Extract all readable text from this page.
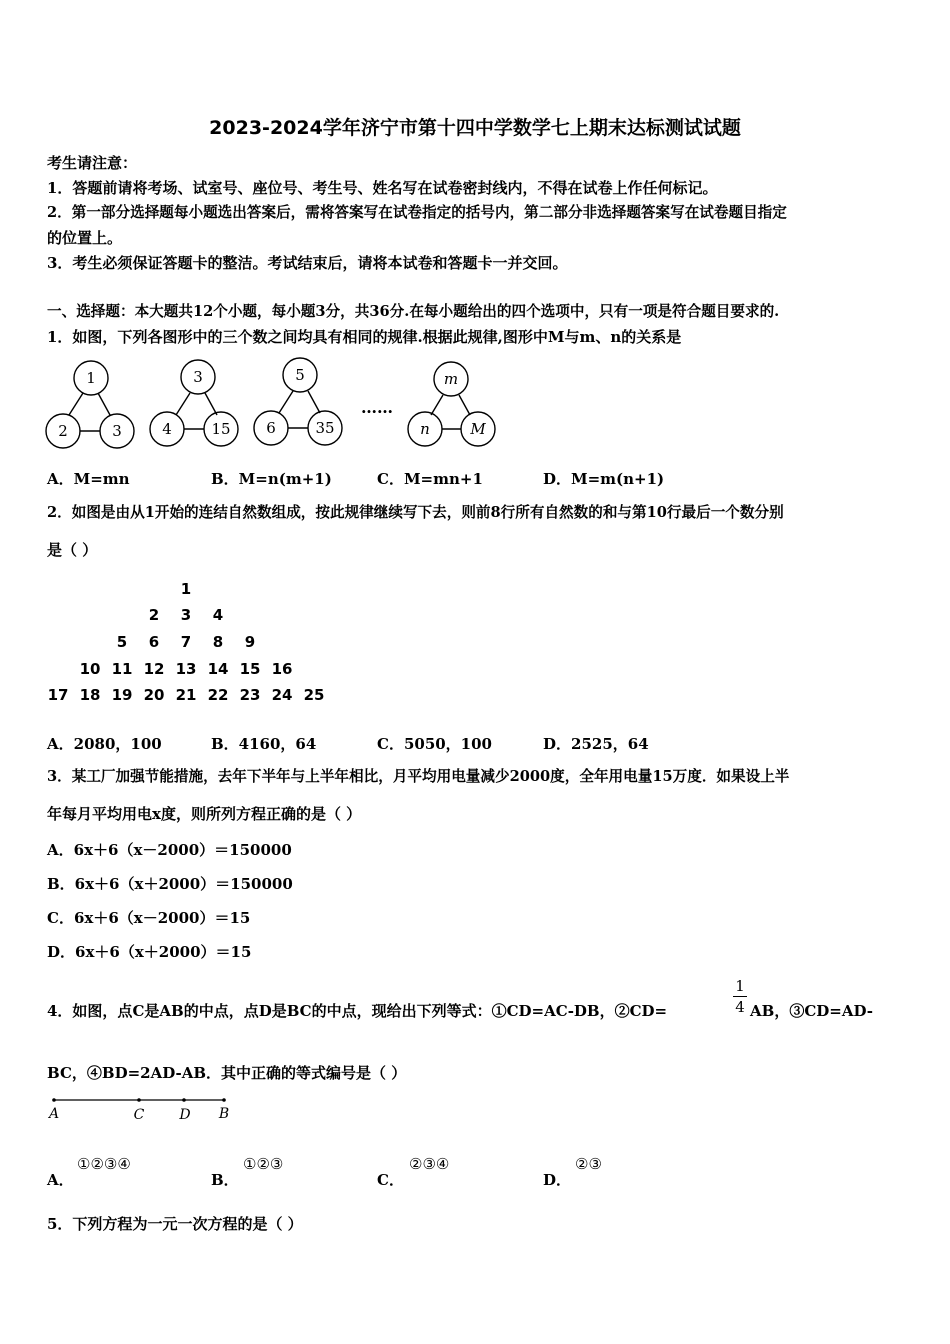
2023-2024学年济宁市第十四中学数学七上期末达标测试试题
考生请注意：
1．答题前请将考场、试室号、座位号、考生号、姓名写在试卷密封线内，不得在试卷上作任何标记。
2．第一部分选择题每小题选出答案后，需将答案写在试卷指定的括号内，第二部分非选择题答案写在试卷题目指定
的位置上。
3．考生必须保证答题卡的整洁。考试结束后，请将本试卷和答题卡一并交回。
一、选择题：本大题共12个小题，每小题3分，共36分.在每小题给出的四个选项中，只有一项是符合题目要求的.
1．如图，下列各图形中的三个数之间均具有相同的规律.根据此规律,图形中M与m、n的关系是
1
2	3
3
4	15
5
6	35
m
n	M
……
A．M=mn	B．M=n(m+1)	C．M=mn+1	D．M=m(n+1)
2．如图是由从1开始的连结自然数组成，按此规律继续写下去，则前8行所有自然数的和与第10行最后一个数分别
是（ ）
1
2	3	4
5	6	7	8	9
10 11 12 13 14 15 16
17 18 19 20 21 22 23 24 25
A．2080，100	B．4160，64	C．5050，100	D．2525，64
3．某工厂加强节能措施，去年下半年与上半年相比，月平均用电量减少2000度，全年用电量15万度．如果设上半
年每月平均用电x度，则所列方程正确的是（ ）
A．6x＋6（x－2000）＝150000
B．6x＋6（x＋2000）＝150000
C．6x＋6（x－2000）＝15
D．6x＋6（x＋2000）＝15
4．如图，点C是AB的中点，点D是BC的中点，现给出下列等式：①CD=AC-DB，②CD=
1
4 AB，③CD=AD-
BC，④BD=2AD-AB．其中正确的等式编号是（ ）
A	C	D B
A．
①②③④
B．
①②③
C．
②③④
D．
②③
5．下列方程为一元一次方程的是（ ）
